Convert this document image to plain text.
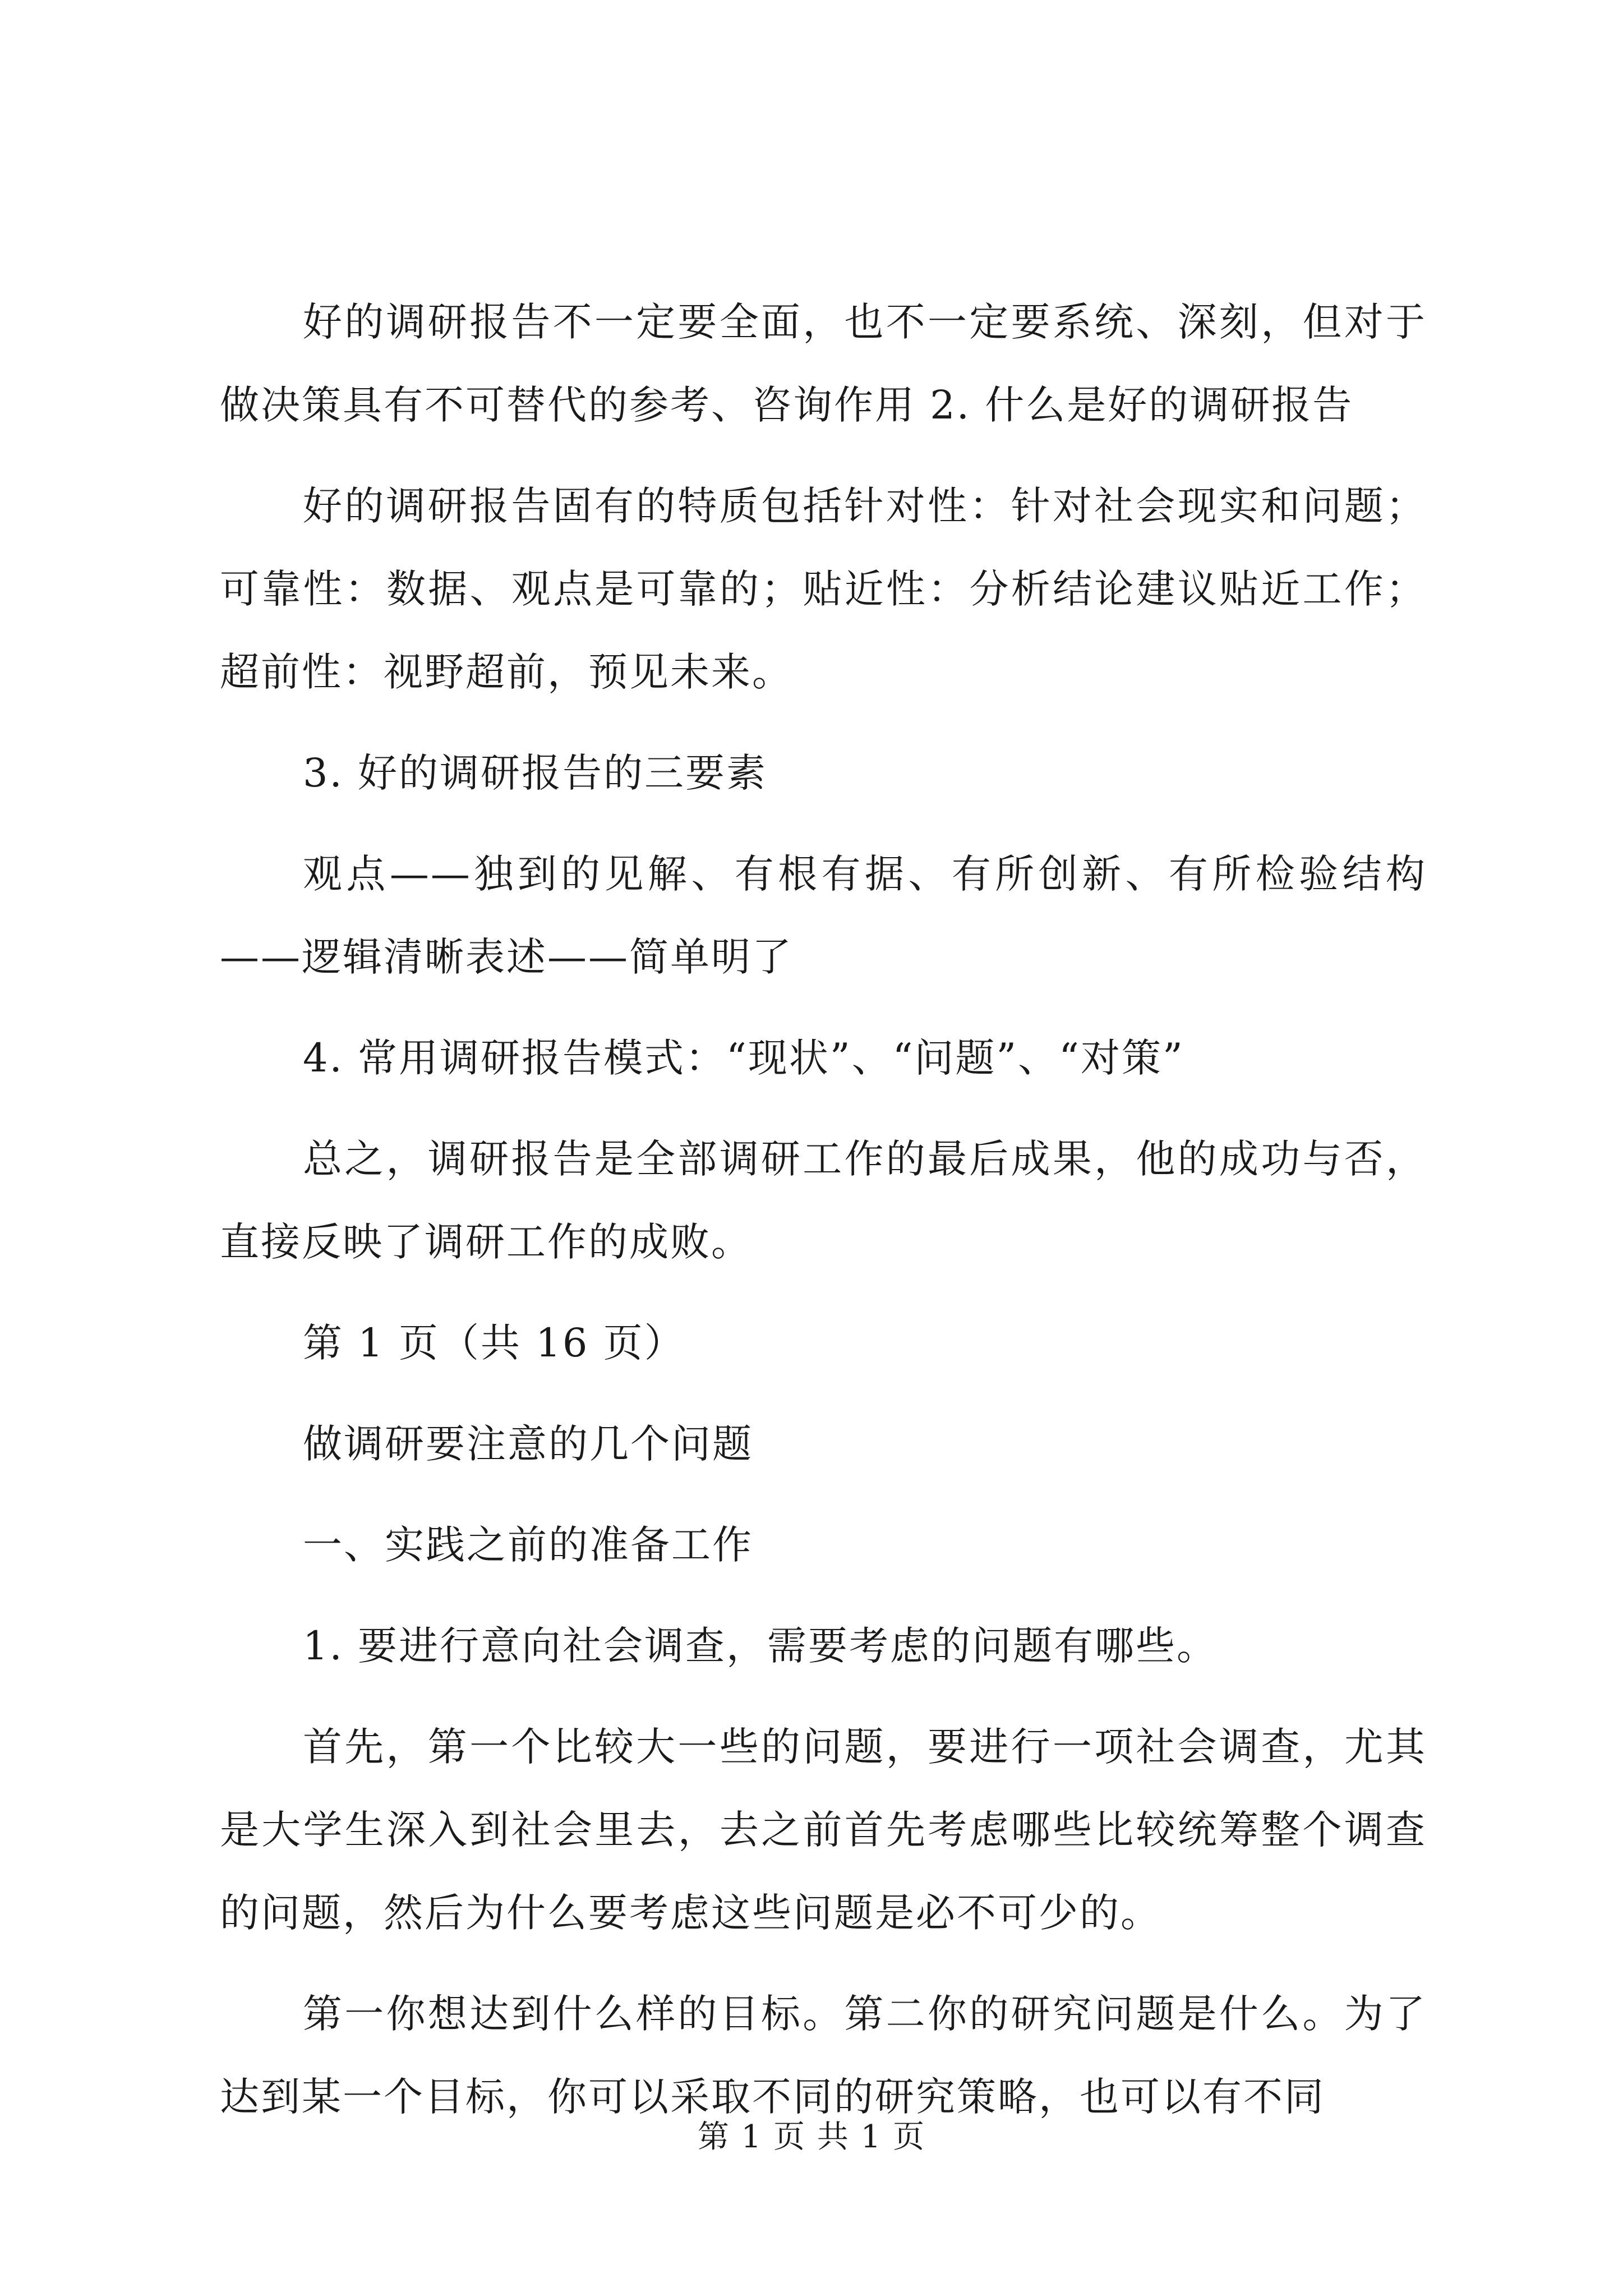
好的调研报告不一定要全面，也不一定要系统、深刻，但对于做决策具有不可替代的参考、咨询作用 2. 什么是好的调研报告

好的调研报告固有的特质包括针对性：针对社会现实和问题；可靠性：数据、观点是可靠的；贴近性：分析结论建议贴近工作；超前性：视野超前，预见未来。

3. 好的调研报告的三要素

观点——独到的见解、有根有据、有所创新、有所检验结构——逻辑清晰表述——简单明了

4. 常用调研报告模式：“现状”、“问题”、“对策”

总之，调研报告是全部调研工作的最后成果，他的成功与否，直接反映了调研工作的成败。

第 1 页（共 16 页）

做调研要注意的几个问题

一、实践之前的准备工作

1. 要进行意向社会调查，需要考虑的问题有哪些。

首先，第一个比较大一些的问题，要进行一项社会调查，尤其是大学生深入到社会里去，去之前首先考虑哪些比较统筹整个调查的问题，然后为什么要考虑这些问题是必不可少的。

第一你想达到什么样的目标。第二你的研究问题是什么。为了达到某一个目标，你可以采取不同的研究策略，也可以有不同

第 1 页 共 1 页
